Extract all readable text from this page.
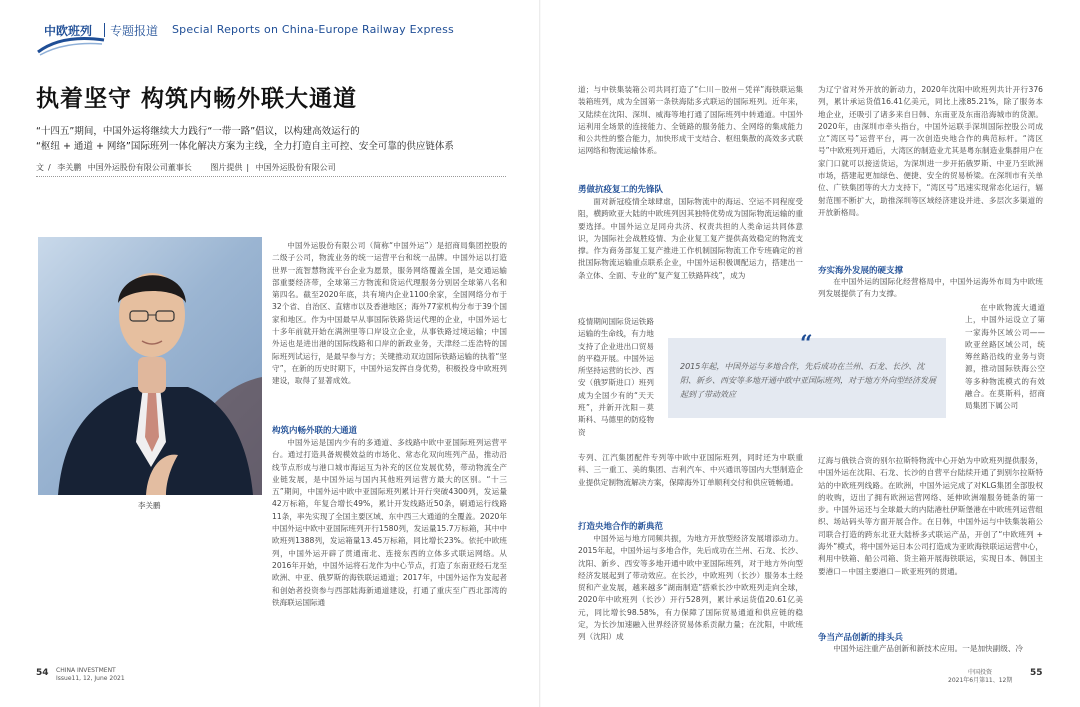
中欧班列 专题报道 Special Reports on China-Europe Railway Express
执着坚守 构筑内畅外联大通道

“十四五”期间，中国外运将继续大力践行“一带一路”倡议，以构建高效运行的

“枢纽 + 通道 + 网络”国际班列一体化解决方案为主线，全力打造自主可控、安全可靠的供应链体系

文 / 李关鹏 中国外运股份有限公司董事长 图片提供 | 中国外运股份有限公司
李关鹏

中国外运股份有限公司（简称“中国外运”）是招商局集团控股的二级子公司，物流业务的统一运营平台和统一品牌。中国外运以打造世界一流智慧物流平台企业为愿景，服务网络覆盖全国，是交通运输部重要经济带，全球第三方物流和货运代理服务分别居全球第八名和第四名。截至2020年底，共有境内企业1100余家，全国网络分布于32个省、自治区、直辖市以及香港地区；海外77家机构分布于39个国家和地区。作为中国最早从事国际铁路货运代理的企业，中国外运七十多年前就开始在满洲里等口岸设立企业，从事铁路过境运输；中国外运也是进出港的国际线路和口岸的新政业务，天津经二连浩特的国际班列试运行，是最早参与方；关键推动双边国际铁路运输的执着“坚守”，在新的历史时期下，中国外运发挥自身优势，积极投身中欧班列建设，取得了显著成效。

构筑内畅外联的大通道

中国外运是国内少有的多通道、多线路中欧中亚国际班列运营平台。通过打造具备规模效益的市场化、常态化双向班列产品，推动沿线节点形成与港口城市海运互为补充的区位发展优势，带动物流全产业链发展，是中国外运与国内其他班列运营方最大的区别。“十三五”期间，中国外运中欧中亚国际班列累计开行突破4300列，发运量42万标箱，年复合增长49%，累计开发线路近50条，刷通运行线路11条，率先实现了全国主要区域、东中西三大通道的全覆盖。2020年中国外运中欧中亚国际班列开行1580列，发运量15.7万标箱，其中中欧班列1388列，发运箱量13.45万标箱，同比增长23%。依托中欧班列，中国外运开辟了贯通南北、连接东西的立体多式联运网络。从2016年开始，中国外运将石龙作为中心节点，打造了东南亚经石龙至欧洲、中亚、俄罗斯的海铁联运通道；2017年，中国外运作为发起者和创始者投资参与西部陆海新通道建设，打通了重庆至广西北部湾的铁海联运国际通

道；与中铁集装箱公司共同打造了“仁川－胶州－凭祥”海铁联运集装箱班列，成为全国第一条铁海陆多式联运的国际班列。近年来，又陆续在沈阳、深圳、威海等地打通了国际班列中转通道。中国外运利用全场景的连接能力、全链路的服务能力、全网络的集成能力和公共性的整合能力，加快形成干支结合、枢纽集散的高效多式联运网络和物流运输体系。

勇做抗疫复工的先锋队

面对新冠疫情全球肆虐，国际物流中的海运、空运不同程度受阻，横跨欧亚大陆的中欧班列因其独特优势成为国际物流运输的重要选择。中国外运立足同舟共济、权责共担的人类命运共同体意识，为国际社会战胜疫情、为企业复工复产提供高效稳定的物流支撑。作为商务部复工复产推进工作机制国际物流工作专班确定的首批国际物流运输重点联系企业，中国外运积极调配运力，搭建出一条立体、全面、专业的“复产复工铁路阵线”，成为

疫情期间国际货运铁路运输的生命线，有力地支持了企业进出口贸易的平稳开展。中国外运所坚持运营的长沙、西安（俄罗斯进口）班列成为全国少有的“天天班”，并新开沈阳－莫斯科、马德里的防疫物资

“
2015年起，中国外运与多地合作，先后成功在兰州、石龙、长沙、沈阳、新乡、西安等多地开通中欧中亚国际班列，对于地方外向型经济发展起到了带动效应

专列、江汽集团配件专列等中欧中亚国际班列，同时还为中联重科、三一重工、美的集团、吉利汽车、中兴通讯等国内大型制造企业提供定制物流解决方案，保障海外订单顺利交付和供应链畅通。

打造央地合作的新典范

中国外运与地方同频共振，为地方开放型经济发展增添动力。2015年起，中国外运与多地合作，先后成功在兰州、石龙、长沙、沈阳、新乡、西安等多地开通中欧中亚国际班列，对于地方外向型经济发展起到了带动效应。在长沙，中欧班列（长沙）服务本土经贸和产业发展，越来越多“湖南制造”搭乘长沙中欧班列走向全球，2020年中欧班列（长沙）开行528列，累计承运货值20.61亿美元，同比增长98.58%，有力保障了国际贸易通道和供应链的稳定，为长沙加速融入世界经济贸易体系贡献力量；在沈阳，中欧班列（沈阳）成

为辽宁省对外开放的新动力，2020年沈阳中欧班列共计开行376列，累计承运货值16.41亿美元，同比上涨85.21%，除了服务本地企业，还吸引了诸多来自日韩、东南亚及东南沿海城市的货源。2020年，由深圳市牵头指台，中国外运联手深圳国际控股公司成立“湾区号”运营平台，再一次创造央地合作的典范标杆。“湾区号”中欧班列开通后，大湾区的制造业尤其是粤东制造业集群用户在家门口就可以接送货运，为深圳进一步开拓俄罗斯、中亚乃至欧洲市场，搭建起更加绿色、便捷、安全的贸易桥梁。在深圳市有关单位、广铁集团等的大力支持下，“湾区号”迅速实现常态化运行，辐射范围不断扩大，助推深圳等区域经济建设并进、多层次多渠道的开放新格局。

夯实海外发展的硬支撑

在中国外运的国际化经营格局中，中国外运海外布局为中欧班列发展提供了有力支撑。

在中欧物流大通道上，中国外运设立了第一家海外区域公司——欧亚丝路区域公司，统筹丝路沿线的业务与资源，推动国际铁海公空等多种物流模式的有效融合。在莫斯科，招商局集团下属公司

辽海与俄铁合资的别尔拉斯特物流中心开始为中欧班列提供服务，中国外运在沈阳、石龙、长沙的自营平台陆续开通了到别尔拉斯特站的中欧班列线路。在欧洲，中国外运完成了对KLG集团全部股权的收购，迈出了拥有欧洲运营网络、延伸欧洲端服务链条的第一步。中国外运还与全球最大的内陆港杜伊斯堡港在中欧班列运营组织、场站码头等方面开展合作。在日韩，中国外运与中铁集装箱公司联合打造的跨东北亚大陆桥多式联运产品，开创了“中欧班列 + 海外”模式，将中国外运日本公司打造成为亚欧海铁联运运营中心，利用中铁箱、船公司箱、货主箱开展海铁联运，实现日本、韩国主要港口－中国主要港口－欧亚班列的贯通。

争当产品创新的排头兵

中国外运注重产品创新和新技术应用。一是加快副级、冷

54 CHINA INVESTMENT
Issue11, 12, June 2021
中国投资
2021年6月第11、12期
55
